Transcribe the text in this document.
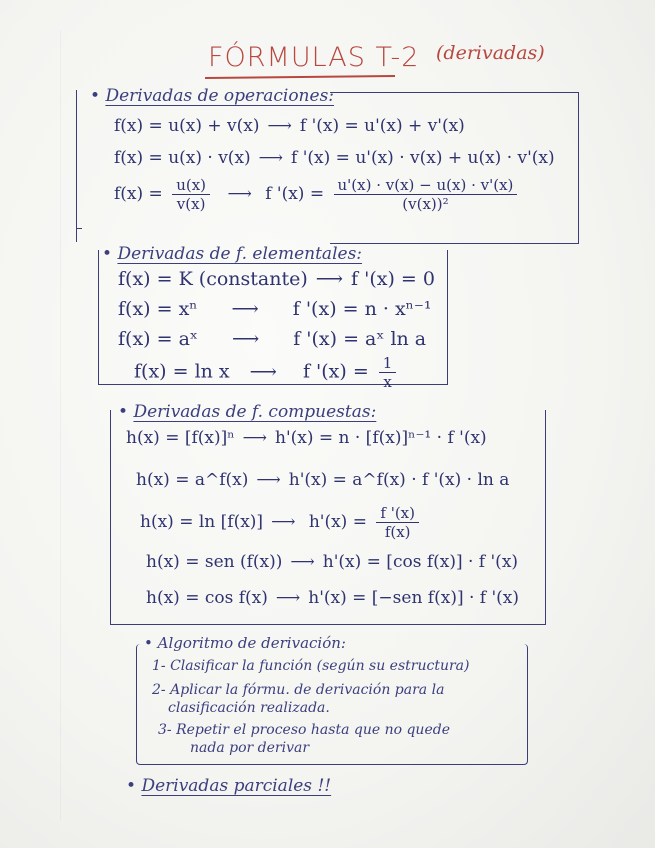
FÓRMULAS T-2 (derivadas)
• Derivadas de operaciones:
f(x) = u(x) + v(x) ⟶ f '(x) = u'(x) + v'(x)
f(x) = u(x) · v(x) ⟶ f '(x) = u'(x) · v(x) + u(x) · v'(x)
$f(x) = \frac{u(x)}{v(x)}$ ⟶ f '$(x) = \frac{u'(x) \cdot v(x) - u(x) \cdot v'(x)}{\text{(v(x))²}}$
• Derivadas de f. elementales:
f(x) = K (constante) ⟶ f '(x) = 0
f(x) = xⁿ ⟶ f '(x) = n · xⁿ⁻¹
f(x) = aˣ ⟶ f '(x) = aˣ ln a
f(x) = ln x ⟶ f '$(x) = \frac{1}{x}$
• Derivadas de f. compuestas:
h(x) = [f(x)]ⁿ ⟶ h'(x) = n · [f(x)]ⁿ⁻¹ · f '(x)
h(x) = a^f(x) ⟶ h'(x) = a^f(x) · f '(x) · ln a
h(x) = ln [f(x)] ⟶ $h'(x) = \frac{f '(x)}{f(x)}$
h(x) = sen (f(x)) ⟶ h'(x) = [cos f(x)] · f '(x)
h(x) = cos f(x) ⟶ h'(x) = [−sen f(x)] · f '(x)
• Algoritmo de derivación:
1- Clasificar la función (según su estructura)
2- Aplicar la fórmu. de derivación para la
clasificación realizada.
3- Repetir el proceso hasta que no quede
nada por derivar
• Derivadas parciales !!
